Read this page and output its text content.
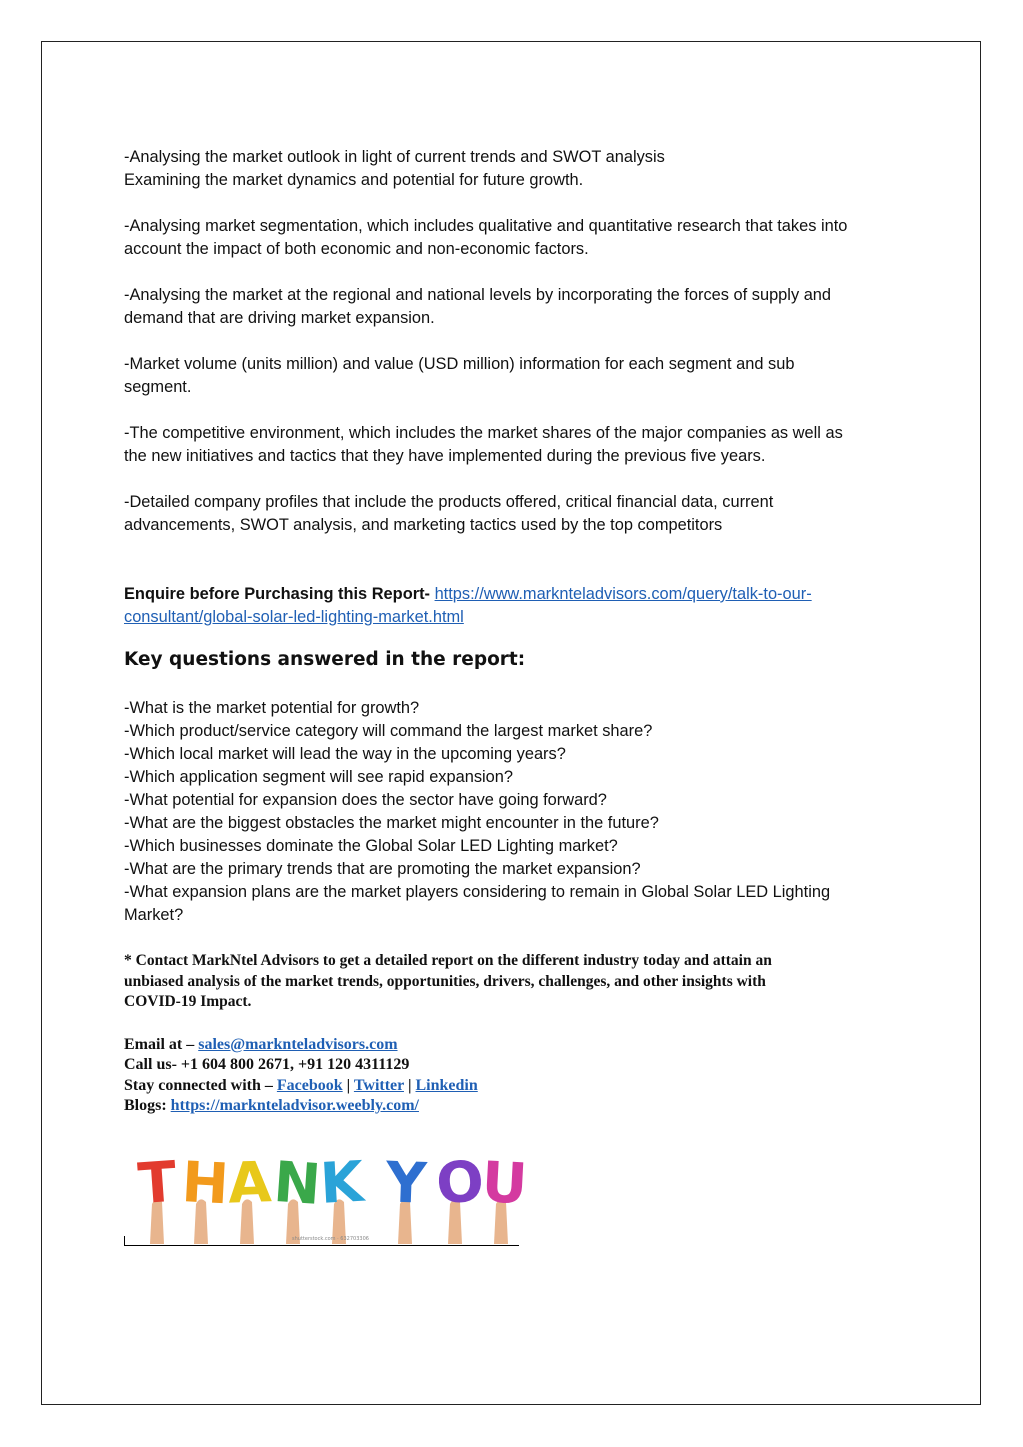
-Analysing the market outlook in light of current trends and SWOT analysis
Examining the market dynamics and potential for future growth.

-Analysing market segmentation, which includes qualitative and quantitative research that takes into
account the impact of both economic and non-economic factors.

-Analysing the market at the regional and national levels by incorporating the forces of supply and
demand that are driving market expansion.

-Market volume (units million) and value (USD million) information for each segment and sub
segment.

-The competitive environment, which includes the market shares of the major companies as well as
the new initiatives and tactics that they have implemented during the previous five years.

-Detailed company profiles that include the products offered, critical financial data, current
advancements, SWOT analysis, and marketing tactics used by the top competitors

Enquire before Purchasing this Report- https://www.marknteladvisors.com/query/talk-to-our-
consultant/global-solar-led-lighting-market.html

Key questions answered in the report:
-What is the market potential for growth?
-Which product/service category will command the largest market share?
-Which local market will lead the way in the upcoming years?
-Which application segment will see rapid expansion?
-What potential for expansion does the sector have going forward?
-What are the biggest obstacles the market might encounter in the future?
-Which businesses dominate the Global Solar LED Lighting market?
-What are the primary trends that are promoting the market expansion?
-What expansion plans are the market players considering to remain in Global Solar LED Lighting
Market?
* Contact MarkNtel Advisors to get a detailed report on the different industry today and attain an
unbiased analysis of the market trends, opportunities, drivers, challenges, and other insights with
COVID-19 Impact.
Email at – sales@marknteladvisors.com
Call us- +1 604 800 2671, +91 120 4311129
Stay connected with – Facebook | Twitter | Linkedin
Blogs: https://marknteladvisor.weebly.com/
T H
A
N
K Y O
U
shutterstock.com · 632703306
